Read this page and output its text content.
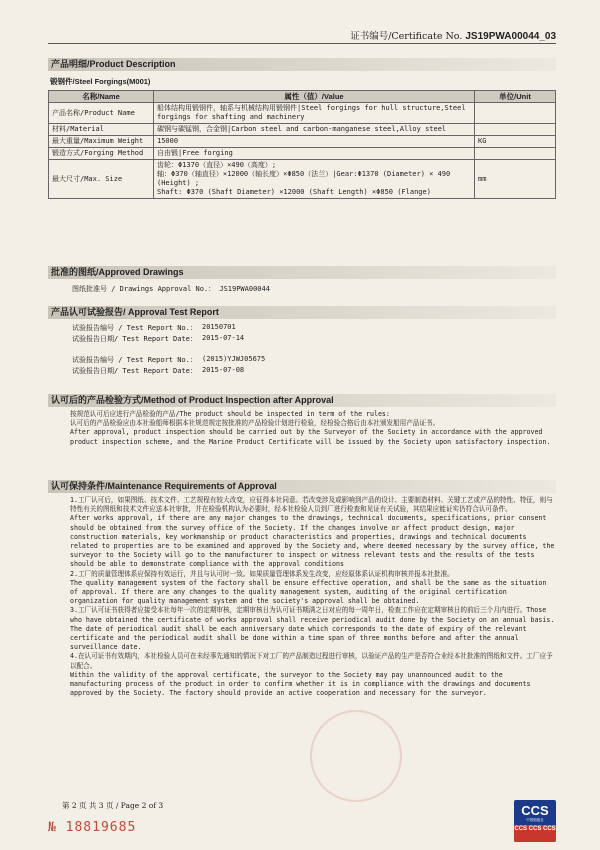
证书编号/Certificate No. JS19PWA00044_03
产品明细/Product Description
锻钢件/Steel Forgings(M001)
名称/Name	属性（值）/Value	单位/Unit
产品名称/Product Name	船体结构用锻钢件，轴系与机械结构用锻钢件|Steel forgings for hull structure,Steel forgings for shafting and machinery	
材料/Material	碳钢与碳锰钢，合金钢|Carbon steel and carbon-manganese steel,Alloy steel	
最大重量/Maximum Weight	15000	KG
锻造方式/Forging Method	自由锻|Free forging	
最大尺寸/Max. Size	齿轮：Φ1370（直径）×490（高度）;
轴：Φ370（轴直径）×12000（轴长度）×Φ850（法兰）|Gear:Φ1370 (Diameter) × 490 (Height) ;
Shaft: Φ370 (Shaft Diameter) ×12000 (Shaft Length) ×Φ850 (Flange)	mm
批准的图纸/Approved Drawings
图纸批准号 / Drawings Approval No.： JS19PWA00044
产品认可试验报告/ Approval Test Report
试验报告编号 / Test Report No.： 20150701
试验报告日期/ Test Report Date： 2015-07-14
试验报告编号 / Test Report No.： (2015)YJWJ05675
试验报告日期/ Test Report Date： 2015-07-08
认可后的产品检验方式/Method of Product Inspection after Approval
按规范认可后应进行产品检验的产品/The product should be inspected in term of the rules:
认可后的产品检验应由本社验船师根据本社规范规定按批准的产品检验计划进行检验，经检验合格后由本社颁发船用产品证书。
After approval, product inspection should be carried out by the Surveyor of the Society in accordance with the approved product inspection scheme, and the Marine Product Certificate will be issued by the Society upon satisfactory inspection.
认可保持条件/Maintenance Requirements of Approval
1.工厂认可后，如果图纸、技术文件、工艺规程有较大改变，应征得本社同意。若改变涉及或影响到产品的设计、主要制造材料、关键工艺或产品的特性、特征，则与特性有关的图纸和技术文件应送本社审批，并在检验机构认为必要时，经本社检验人员到厂进行检查和见证有关试验，其结果应能证实仍符合认可条件。
After works approval, if there are any major changes to the drawings, technical documents, specifications, prior consent should be obtained from the survey office of the Society. If the changes involve or affect product design, major construction materials, key workmanship or product characteristics and properties, drawings and technical documents related to properties are to be examined and approved by the Society and, where deemed necessary by the survey office, the surveyor to the Society will go to the manufacturer to inspect or witness relevant tests and the results of the tests should be able to demonstrate compliance with the approval conditions
2.工厂的质量管理体系应保持有效运行，并且与认可时一致。如果质量管理体系发生改变，应经原体系认证机构审核并报本社批准。
The quality management system of the factory shall be ensure effective operation, and shall be the same as the situation of approval. If there are any changes to the quality management system, auditing of the original certification organization for quality management system and the society's approval shall be obtained.
3.工厂认可证书获得者应接受本社每年一次的定期审核，定期审核日为认可证书期满之日对应的每一周年日，检查工作应在定期审核日的前后三个月内进行。Those who have obtained the certificate of works approval shall receive periodical audit done by the Society on an annual basis. The date of periodical audit shall be each anniversary date which corresponds to the date of expiry of the relevant certificate and the periodical audit shall be done within a time span of three months before and after the annual surveillance date.
4.在认可证书有效期内，本社检验人员可在未经事先通知的情况下对工厂的产品制造过程进行审核，以验证产品的生产是否符合业经本社批准的图纸和文件。工厂应予以配合。
Within the validity of the approval certificate, the surveyor to the Society may pay unannounced audit to the manufacturing process of the product in order to confirm whether it is in compliance with the drawings and documents approved by the Society. The factory should provide an active cooperation and necessary for the surveyor.
第 2 页 共 3 页 / Page 2 of 3
№ 18819685
CCS
中国船级社
CCS CCS CCS
